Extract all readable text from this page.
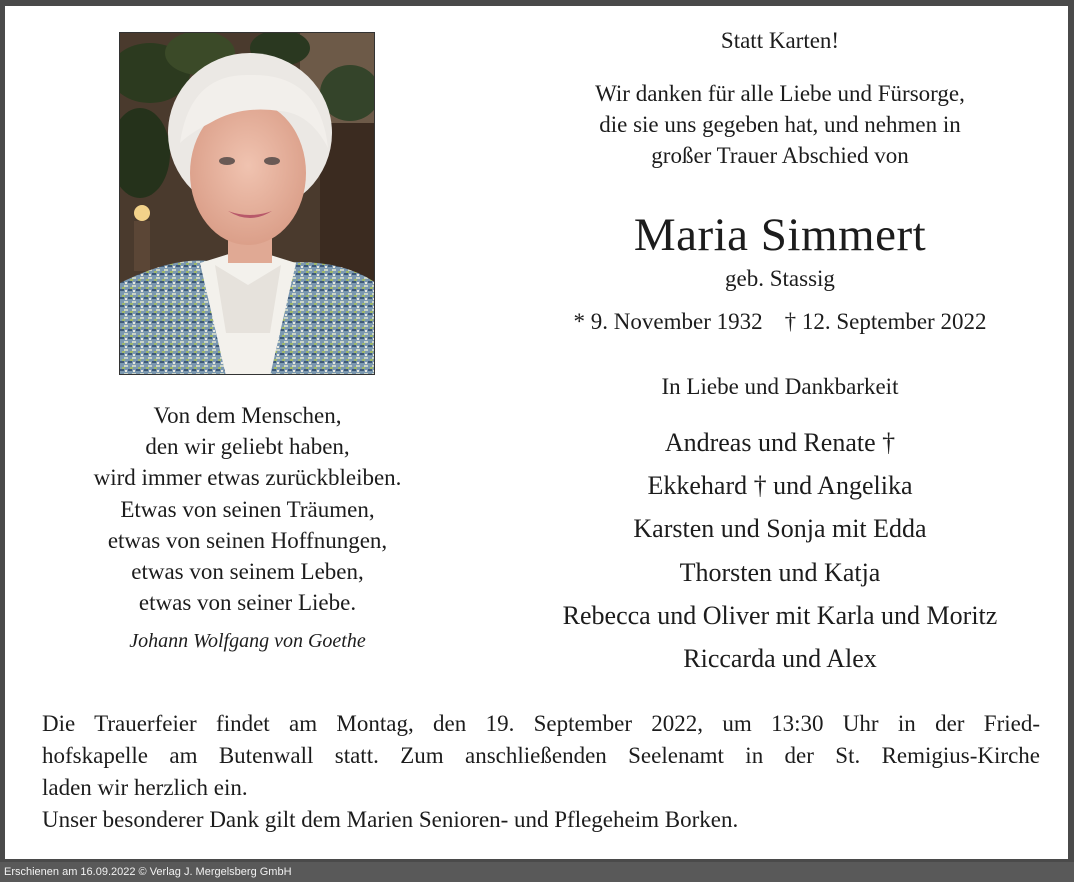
Von dem Menschen,
den wir geliebt haben,
wird immer etwas zurückbleiben.
Etwas von seinen Träumen,
etwas von seinen Hoffnungen,
etwas von seinem Leben,
etwas von seiner Liebe.
Johann Wolfgang von Goethe
Statt Karten!
Wir danken für alle Liebe und Fürsorge,
die sie uns gegeben hat, und nehmen in
großer Trauer Abschied von
Maria Simmert
geb. Stassig
* 9. November 1932 † 12. September 2022
In Liebe und Dankbarkeit
Andreas und Renate †
Ekkehard † und Angelika
Karsten und Sonja mit Edda
Thorsten und Katja
Rebecca und Oliver mit Karla und Moritz
Riccarda und Alex

Die Trauerfeier findet am Montag, den 19. September 2022, um 13:30 Uhr in der Fried-

hofskapelle am Butenwall statt. Zum anschließenden Seelenamt in der St. Remigius-Kirche

laden wir herzlich ein.

Unser besonderer Dank gilt dem Marien Senioren- und Pflegeheim Borken.

Erschienen am 16.09.2022 © Verlag J. Mergelsberg GmbH
